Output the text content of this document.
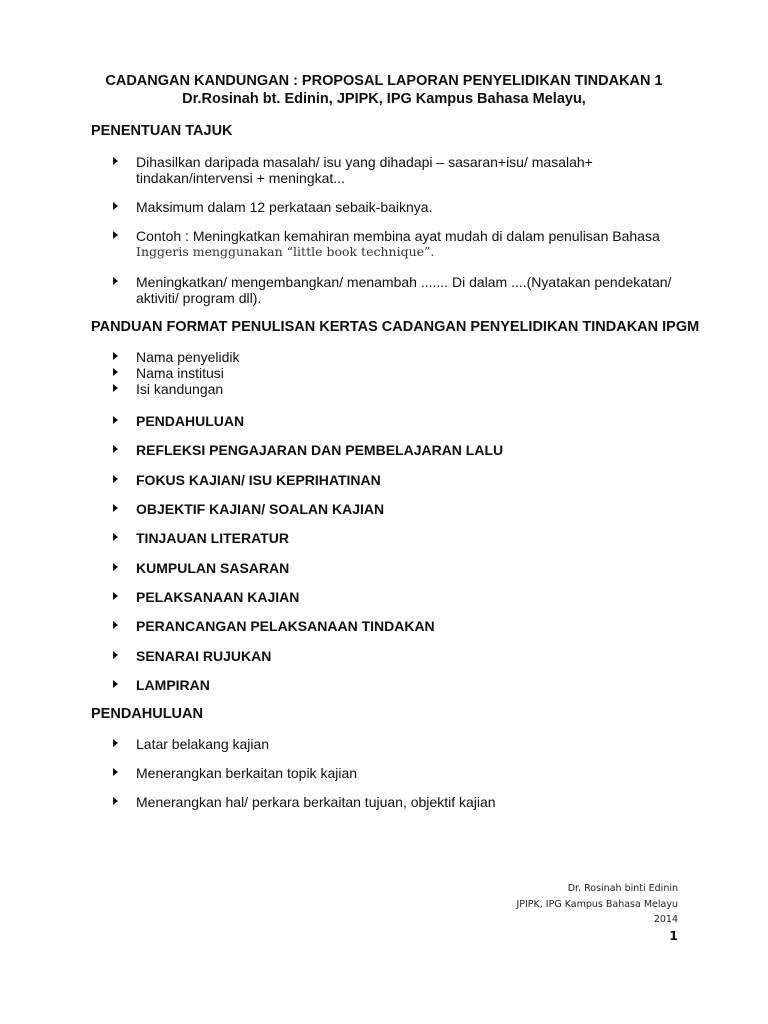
CADANGAN KANDUNGAN : PROPOSAL LAPORAN PENYELIDIKAN TINDAKAN 1
Dr.Rosinah bt. Edinin, JPIPK, IPG Kampus Bahasa Melayu,
PENENTUAN TAJUK
Dihasilkan daripada masalah/ isu yang dihadapi – sasaran+isu/ masalah+
tindakan/intervensi + meningkat...
Maksimum dalam 12 perkataan sebaik-baiknya.
Contoh : Meningkatkan kemahiran membina ayat mudah di dalam penulisan Bahasa
Inggeris menggunakan “little book technique”.
Meningkatkan/ mengembangkan/ menambah ....... Di dalam ....(Nyatakan pendekatan/
aktiviti/ program dll).
PANDUAN FORMAT PENULISAN KERTAS CADANGAN PENYELIDIKAN TINDAKAN IPGM
Nama penyelidik
Nama institusi
Isi kandungan
PENDAHULUAN
REFLEKSI PENGAJARAN DAN PEMBELAJARAN LALU
FOKUS KAJIAN/ ISU KEPRIHATINAN
OBJEKTIF KAJIAN/ SOALAN KAJIAN
TINJAUAN LITERATUR
KUMPULAN SASARAN
PELAKSANAAN KAJIAN
PERANCANGAN PELAKSANAAN TINDAKAN
SENARAI RUJUKAN
LAMPIRAN
PENDAHULUAN
Latar belakang kajian
Menerangkan berkaitan topik kajian
Menerangkan hal/ perkara berkaitan tujuan, objektif kajian
Dr. Rosinah binti Edinin
JPIPK, IPG Kampus Bahasa Melayu
2014
1
